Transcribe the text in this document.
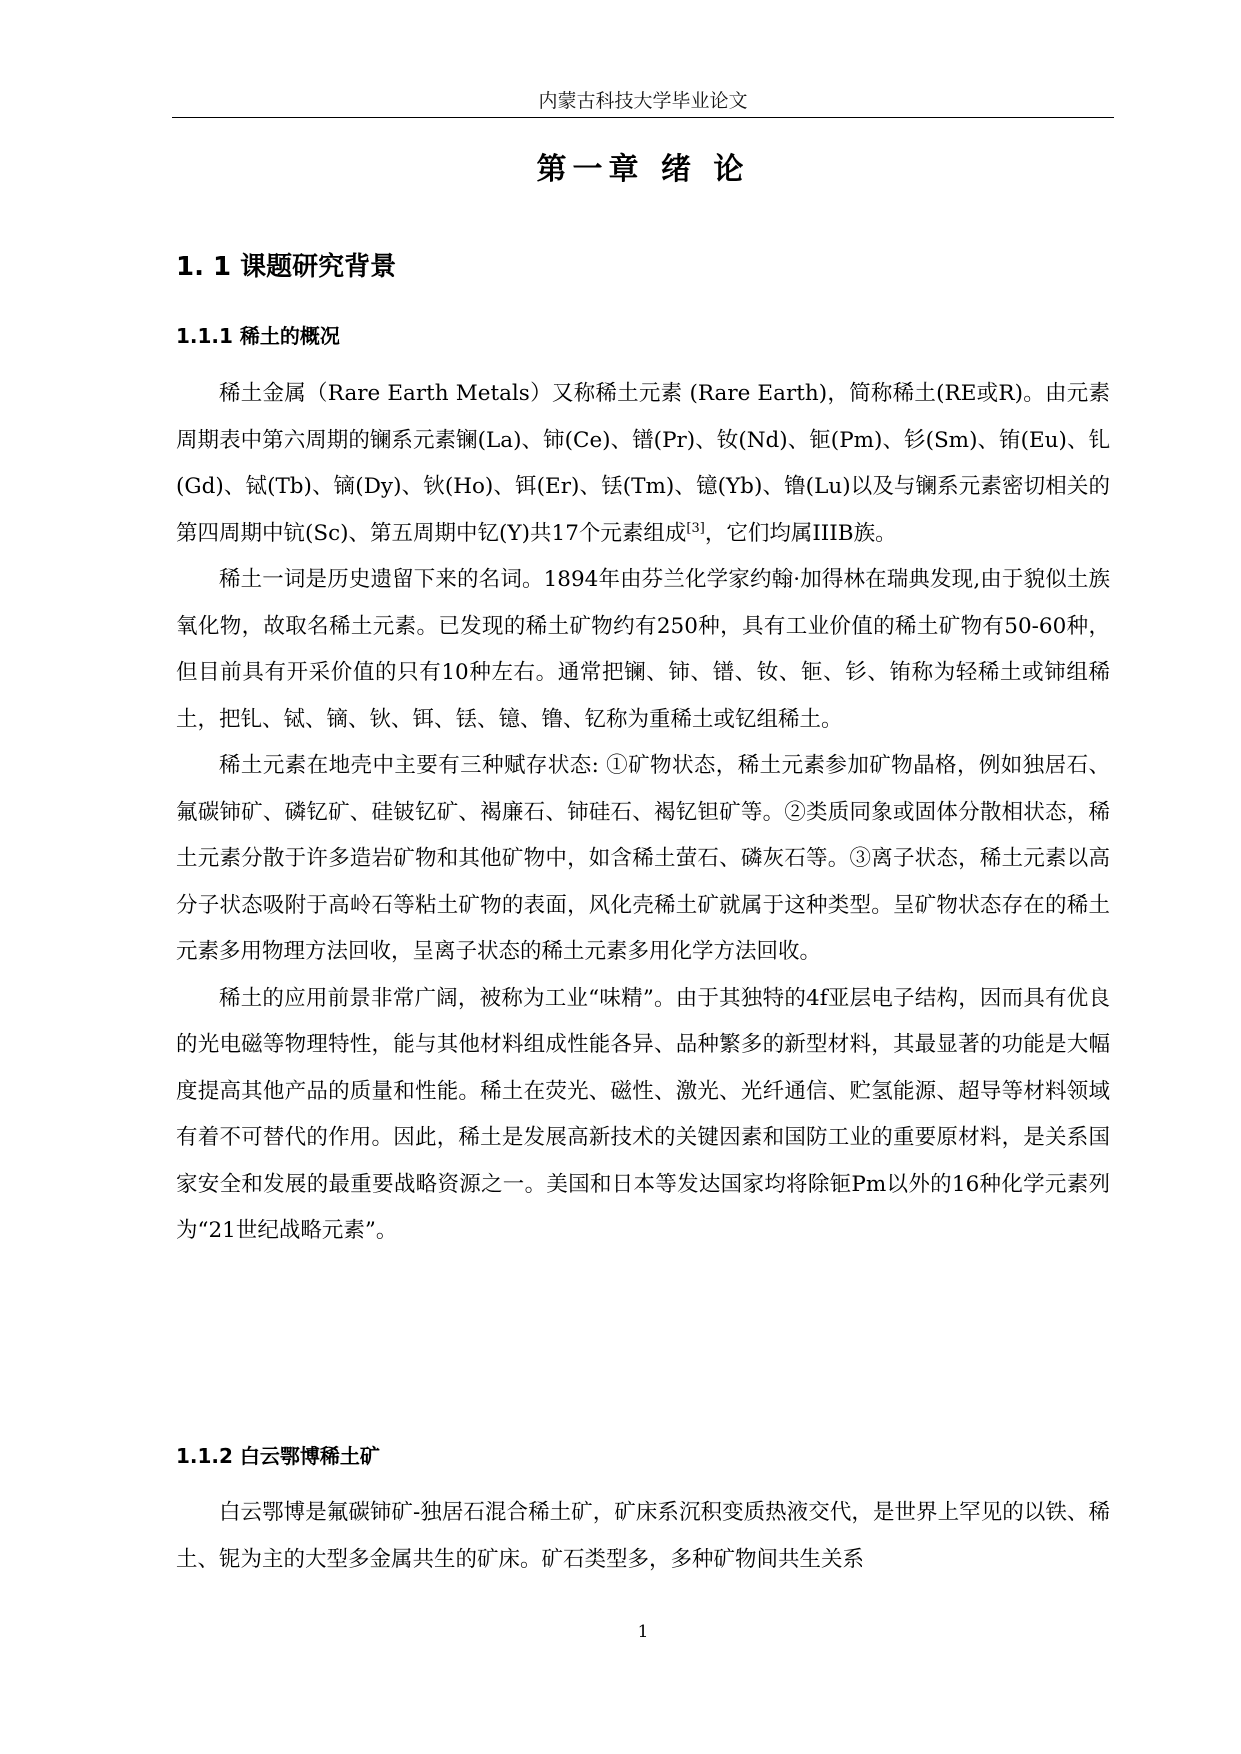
内蒙古科技大学毕业论文
第一章 绪 论
1. 1 课题研究背景
1.1.1 稀土的概况

稀土金属（Rare Earth Metals）又称稀土元素 (Rare Earth)，简称稀土(RE或R)。由元素周期表中第六周期的镧系元素镧(La)、铈(Ce)、镨(Pr)、钕(Nd)、钷(Pm)、钐(Sm)、铕(Eu)、钆(Gd)、铽(Tb)、镝(Dy)、钬(Ho)、铒(Er)、铥(Tm)、镱(Yb)、镥(Lu)以及与镧系元素密切相关的第四周期中钪(Sc)、第五周期中钇(Y)共17个元素组成[3]，它们均属IIIB族。

稀土一词是历史遗留下来的名词。1894年由芬兰化学家约翰·加得林在瑞典发现,由于貌似土族氧化物，故取名稀土元素。已发现的稀土矿物约有250种，具有工业价值的稀土矿物有50-60种，但目前具有开采价值的只有10种左右。通常把镧、铈、镨、钕、钷、钐、铕称为轻稀土或铈组稀土，把钆、铽、镝、钬、铒、铥、镱、镥、钇称为重稀土或钇组稀土。

稀土元素在地壳中主要有三种赋存状态: ①矿物状态，稀土元素参加矿物晶格，例如独居石、氟碳铈矿、磷钇矿、硅铍钇矿、褐廉石、铈硅石、褐钇钽矿等。②类质同象或固体分散相状态，稀土元素分散于许多造岩矿物和其他矿物中，如含稀土萤石、磷灰石等。③离子状态，稀土元素以高分子状态吸附于高岭石等粘土矿物的表面，风化壳稀土矿就属于这种类型。呈矿物状态存在的稀土元素多用物理方法回收，呈离子状态的稀土元素多用化学方法回收。

稀土的应用前景非常广阔，被称为工业“味精”。由于其独特的4f亚层电子结构，因而具有优良的光电磁等物理特性，能与其他材料组成性能各异、品种繁多的新型材料，其最显著的功能是大幅度提高其他产品的质量和性能。稀土在荧光、磁性、激光、光纤通信、贮氢能源、超导等材料领域有着不可替代的作用。因此，稀土是发展高新技术的关键因素和国防工业的重要原材料，是关系国家安全和发展的最重要战略资源之一。美国和日本等发达国家均将除钷Pm以外的16种化学元素列为“21世纪战略元素”。

1.1.2 白云鄂博稀土矿

白云鄂博是氟碳铈矿-独居石混合稀土矿，矿床系沉积变质热液交代，是世界上罕见的以铁、稀土、铌为主的大型多金属共生的矿床。矿石类型多，多种矿物间共生关系

1
